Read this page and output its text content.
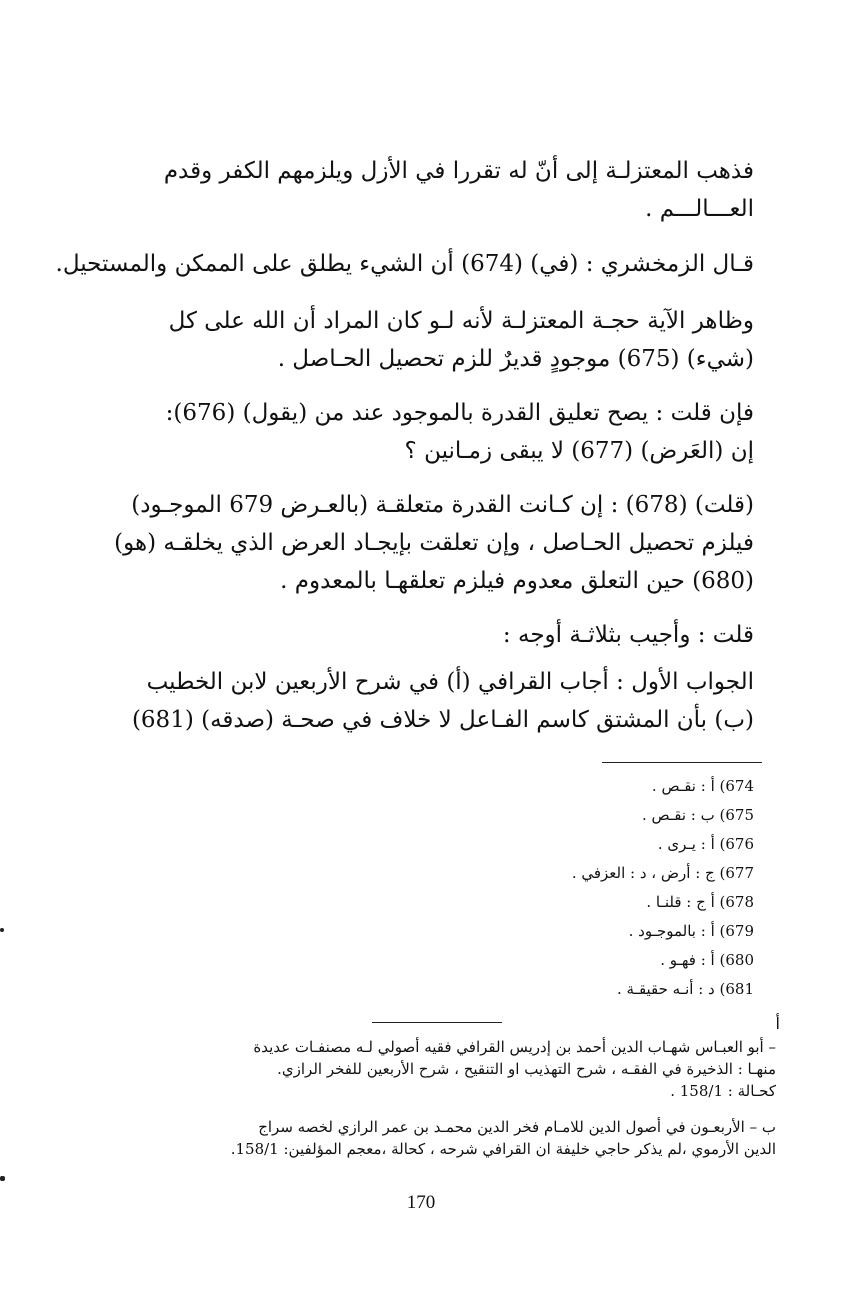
فذهب المعتزلـة إلى أنّ له تقررا في الأزل ويلزمهم الكفر وقدم
العـــالـــم .
قـال الزمخشري : (في) (674) أن الشيء يطلق على الممكن والمستحيل.
وظاهر الآية حجـة المعتزلـة لأنه لـو كان المراد أن الله على كل
(شيء) (675) موجودٍ قديرٌ للزم تحصيل الحـاصل .
فإن قلت : يصح تعليق القدرة بالموجود عند من (يقول) (676):
إن (العَرض) (677) لا يبقى زمـانين ؟
(قلت) (678) : إن كـانت القدرة متعلقـة (بالعـرض 679 الموجـود)
فيلزم تحصيل الحـاصل ، وإن تعلقت بإيجـاد العرض الذي يخلقـه (هو)
(680) حين التعلق معدوم فيلزم تعلقهـا بالمعدوم .
قلت : وأجيب بثلاثـة أوجه :
الجواب الأول : أجاب القرافي (أ) في شرح الأربعين لابن الخطيب
(ب) بأن المشتق كاسم الفـاعل لا خلاف في صحـة (صدقه) (681)
674) أ : نقـص .
675) ب : نقـص .
676) أ : يـرى .
677) ج : أرض ، د : العزفي .
678) أ ج : قلنـا .
679) أ : بالموجـود .
680) أ : فهـو .
681) د : أنـه حقيقـة .
أ
– أبو العبـاس شهـاب الدين أحمد بن إدريس القرافي فقيه أصولي لـه مصنفـات عديدة
منهـا : الذخيرة في الفقـه ، شرح التهذيب او التنقيح ، شرح الأربعين للفخر الرازي.
كحـالة : 158/1 .
ب – الأربعـون في أصول الدين للامـام فخر الدين محمـد بن عمر الرازي لخصه سراج
الدين الأرموي ،لم يذكر حاجي خليفة ان القرافي شرحه ، كحالة ،معجم المؤلفين: 158/1.
170
